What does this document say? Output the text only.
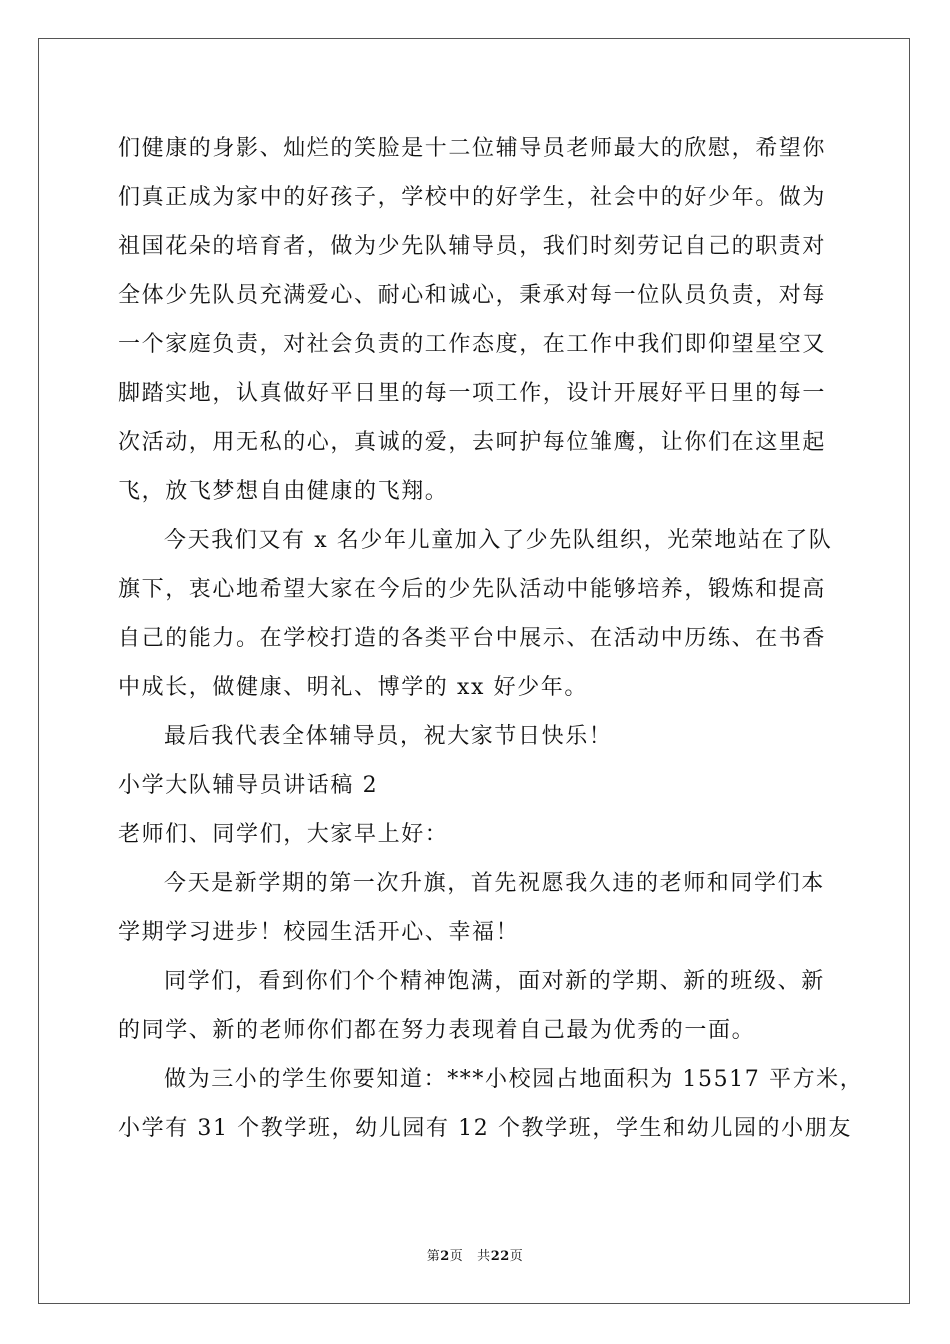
们健康的身影、灿烂的笑脸是十二位辅导员老师最大的欣慰，希望你
们真正成为家中的好孩子，学校中的好学生，社会中的好少年。做为
祖国花朵的培育者，做为少先队辅导员，我们时刻劳记自己的职责对
全体少先队员充满爱心、耐心和诚心，秉承对每一位队员负责，对每
一个家庭负责，对社会负责的工作态度，在工作中我们即仰望星空又
脚踏实地，认真做好平日里的每一项工作，设计开展好平日里的每一
次活动，用无私的心，真诚的爱，去呵护每位雏鹰，让你们在这里起
飞，放飞梦想自由健康的飞翔。
今天我们又有 x 名少年儿童加入了少先队组织，光荣地站在了队
旗下，衷心地希望大家在今后的少先队活动中能够培养，锻炼和提高
自己的能力。在学校打造的各类平台中展示、在活动中历练、在书香
中成长，做健康、明礼、博学的 xx 好少年。
最后我代表全体辅导员，祝大家节日快乐！
小学大队辅导员讲话稿 2
老师们、同学们，大家早上好：
今天是新学期的第一次升旗，首先祝愿我久违的老师和同学们本
学期学习进步！校园生活开心、幸福！
同学们，看到你们个个精神饱满，面对新的学期、新的班级、新
的同学、新的老师你们都在努力表现着自己最为优秀的一面。
做为三小的学生你要知道：***小校园占地面积为 15517 平方米，
小学有 31 个教学班，幼儿园有 12 个教学班，学生和幼儿园的小朋友
第2页 共22页
